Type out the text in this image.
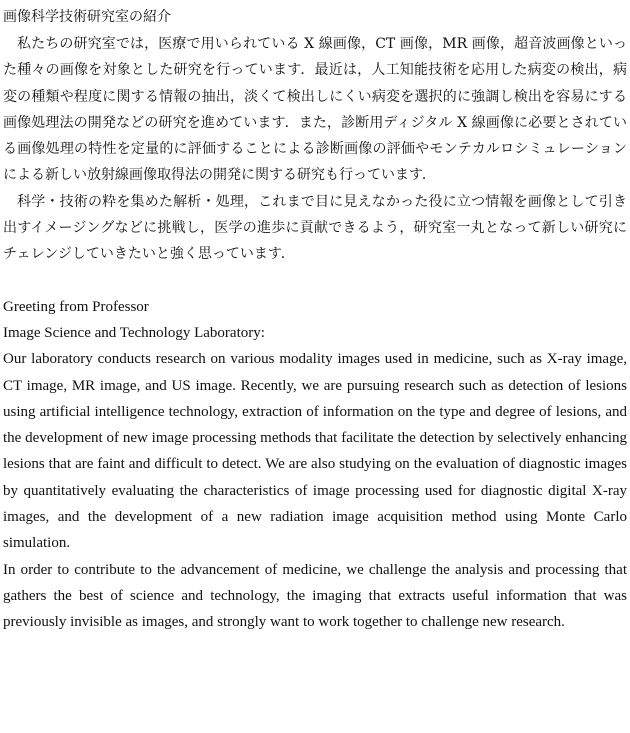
画像科学技術研究室の紹介

私たちの研究室では，医療で用いられている X 線画像，CT 画像，MR 画像，超音波画像といった種々の画像を対象とした研究を行っています．最近は，人工知能技術を応用した病変の検出，病変の種類や程度に関する情報の抽出，淡くて検出しにくい病変を選択的に強調し検出を容易にする画像処理法の開発などの研究を進めています．また，診断用ディジタル X 線画像に必要とされている画像処理の特性を定量的に評価することによる診断画像の評価やモンテカルロシミュレーションによる新しい放射線画像取得法の開発に関する研究も行っています．

科学・技術の粋を集めた解析・処理，これまで目に見えなかった役に立つ情報を画像として引き出すイメージングなどに挑戦し，医学の進歩に貢献できるよう，研究室一丸となって新しい研究にチェレンジしていきたいと強く思っています．

Greeting from Professor

Image Science and Technology Laboratory:

Our laboratory conducts research on various modality images used in medicine, such as X-ray image, CT image, MR image, and US image. Recently, we are pursuing research such as detection of lesions using artificial intelligence technology, extraction of information on the type and degree of lesions, and the development of new image processing methods that facilitate the detection by selectively enhancing lesions that are faint and difficult to detect. We are also studying on the evaluation of diagnostic images by quantitatively evaluating the characteristics of image processing used for diagnostic digital X-ray images, and the development of a new radiation image acquisition method using Monte Carlo simulation.

In order to contribute to the advancement of medicine, we challenge the analysis and processing that gathers the best of science and technology, the imaging that extracts useful information that was previously invisible as images, and strongly want to work together to challenge new research.
